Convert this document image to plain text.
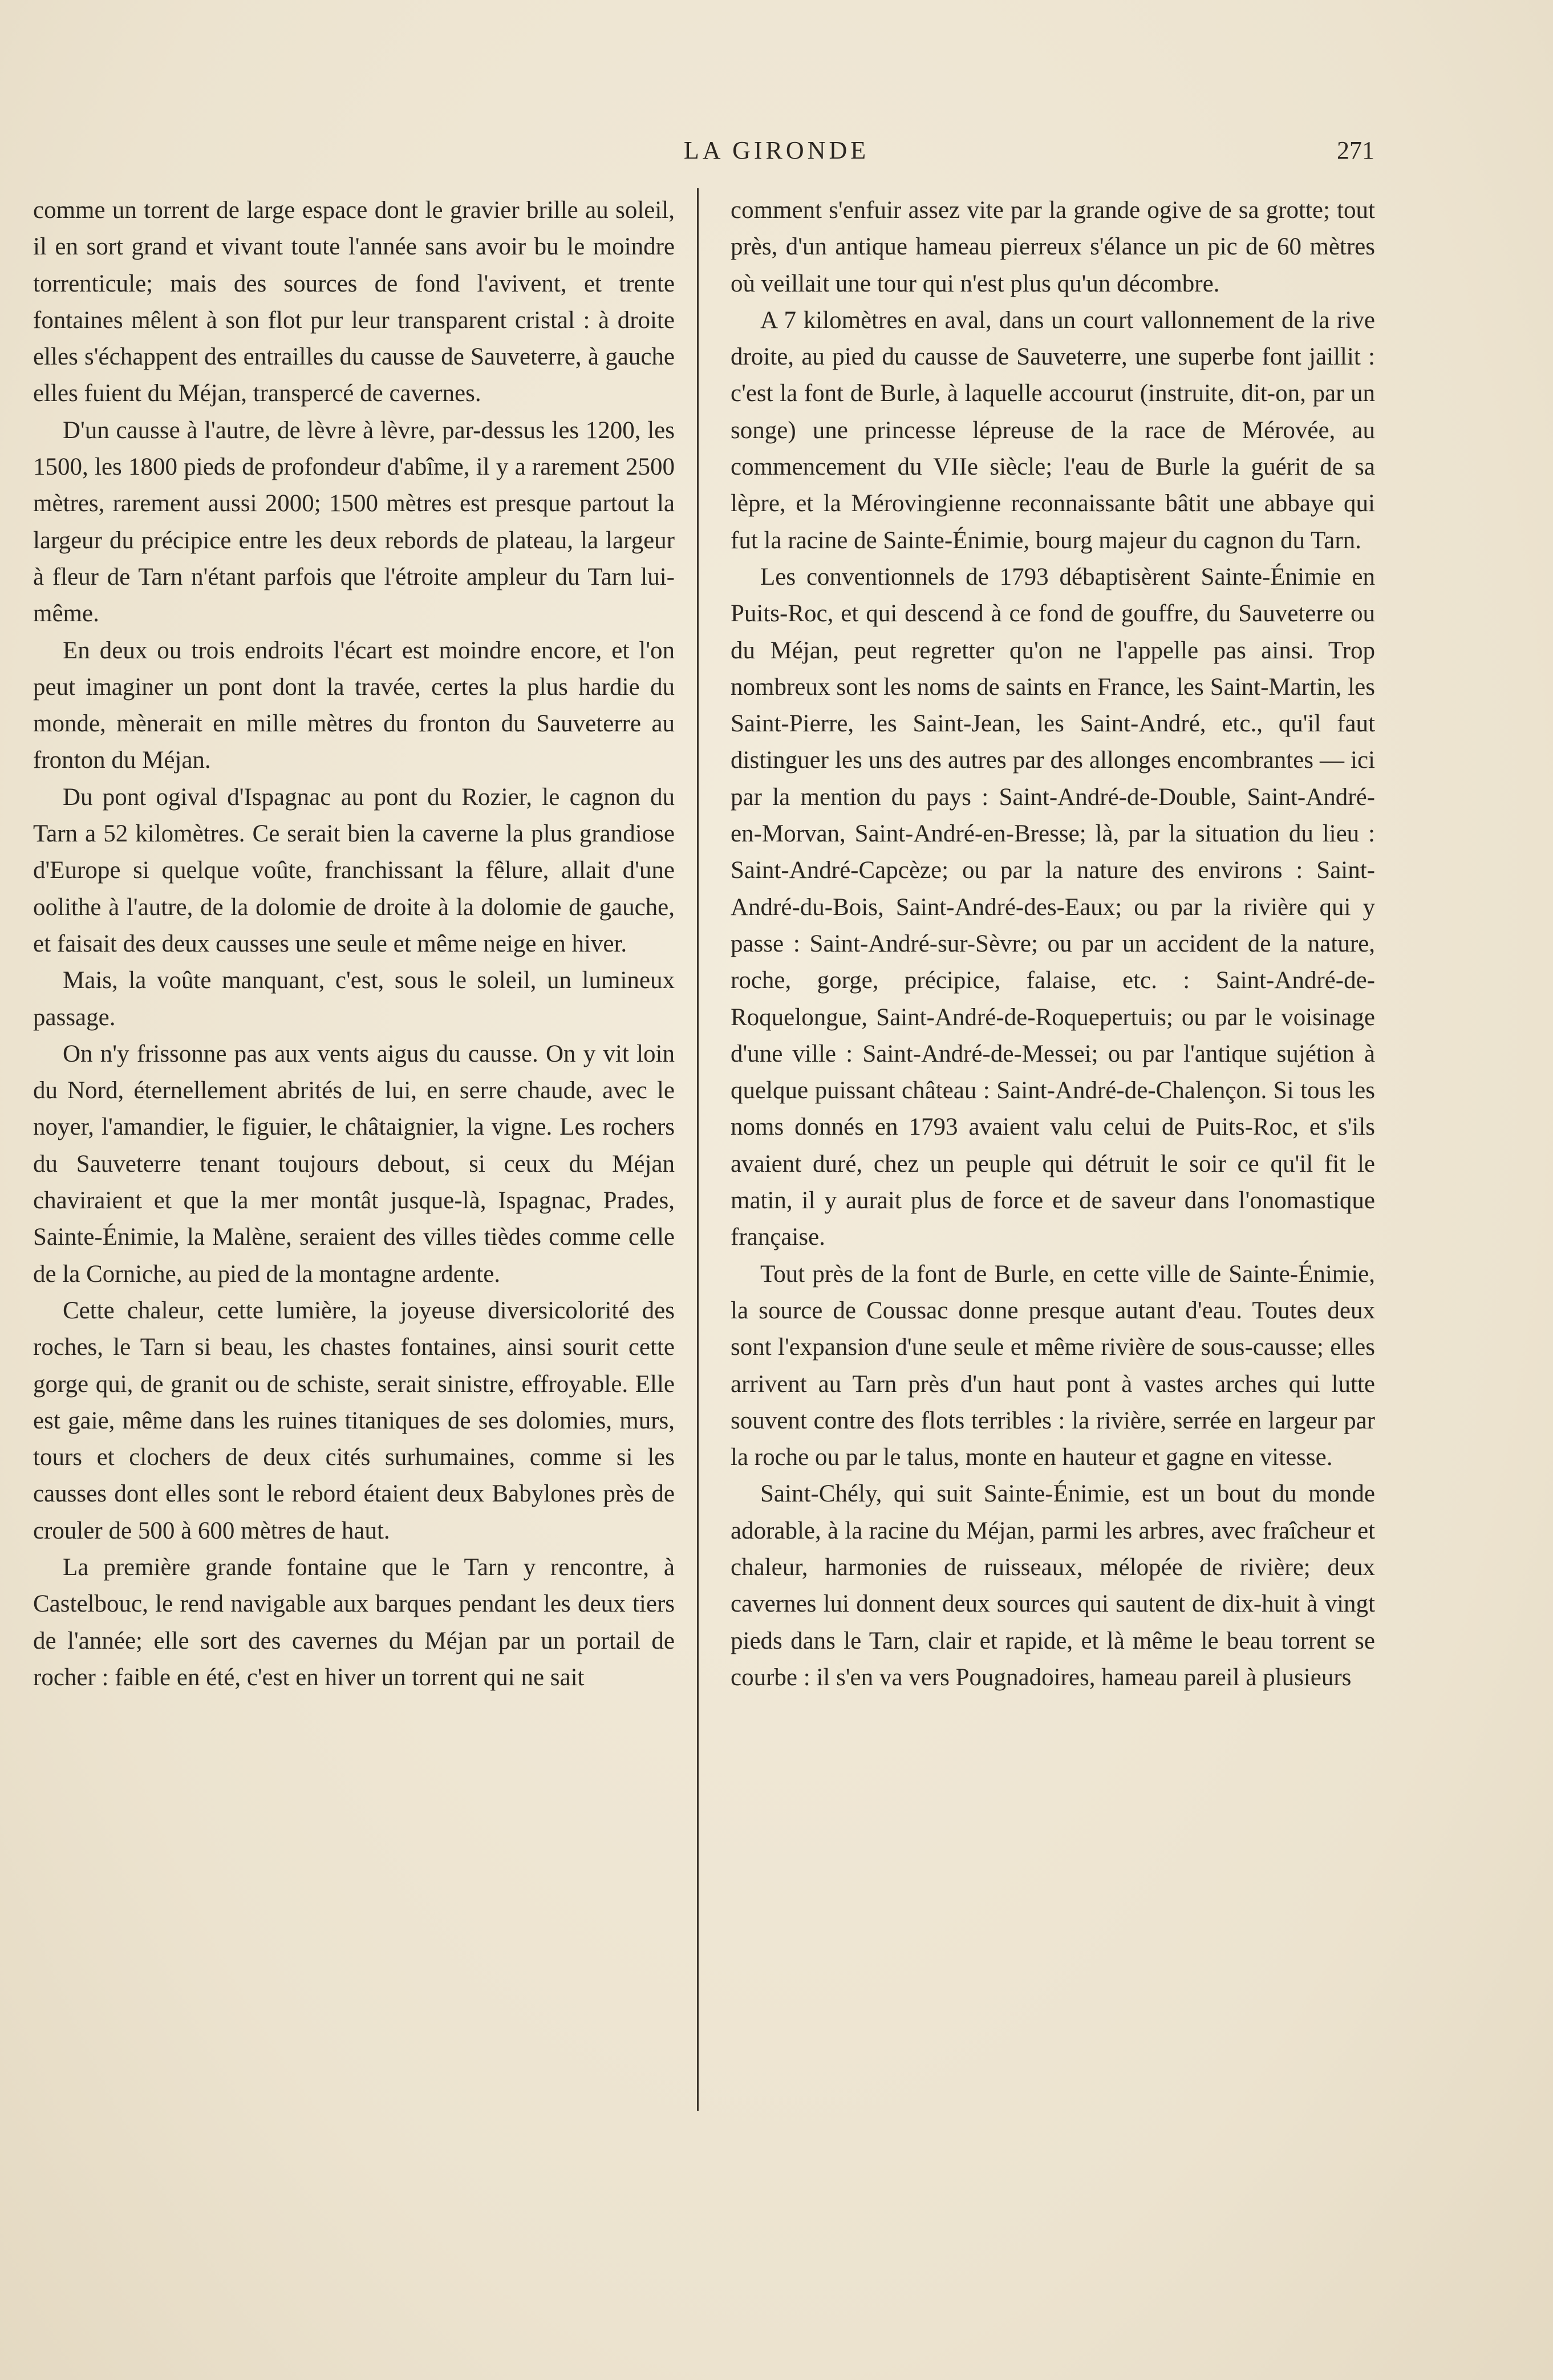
LA GIRONDE	271

comme un torrent de large espace dont le gravier brille au soleil, il en sort grand et vivant toute l'année sans avoir bu le moindre torrenticule; mais des sources de fond l'avivent, et trente fontaines mêlent à son flot pur leur transparent cristal : à droite elles s'échappent des entrailles du causse de Sauveterre, à gauche elles fuient du Méjan, transpercé de cavernes.

D'un causse à l'autre, de lèvre à lèvre, par-dessus les 1200, les 1500, les 1800 pieds de profondeur d'abîme, il y a rarement 2500 mètres, rarement aussi 2000; 1500 mètres est presque partout la largeur du précipice entre les deux rebords de plateau, la largeur à fleur de Tarn n'étant parfois que l'étroite ampleur du Tarn lui-même.

En deux ou trois endroits l'écart est moindre encore, et l'on peut imaginer un pont dont la travée, certes la plus hardie du monde, mènerait en mille mètres du fronton du Sauveterre au fronton du Méjan.

Du pont ogival d'Ispagnac au pont du Rozier, le cagnon du Tarn a 52 kilomètres. Ce serait bien la caverne la plus grandiose d'Europe si quelque voûte, franchissant la fêlure, allait d'une oolithe à l'autre, de la dolomie de droite à la dolomie de gauche, et faisait des deux causses une seule et même neige en hiver.

Mais, la voûte manquant, c'est, sous le soleil, un lumineux passage.

On n'y frissonne pas aux vents aigus du causse. On y vit loin du Nord, éternellement abrités de lui, en serre chaude, avec le noyer, l'amandier, le figuier, le châtaignier, la vigne. Les rochers du Sauveterre tenant toujours debout, si ceux du Méjan chaviraient et que la mer montât jusque-là, Ispagnac, Prades, Sainte-Énimie, la Malène, seraient des villes tièdes comme celle de la Corniche, au pied de la montagne ardente.

Cette chaleur, cette lumière, la joyeuse diversicolorité des roches, le Tarn si beau, les chastes fontaines, ainsi sourit cette gorge qui, de granit ou de schiste, serait sinistre, effroyable. Elle est gaie, même dans les ruines titaniques de ses dolomies, murs, tours et clochers de deux cités surhumaines, comme si les causses dont elles sont le rebord étaient deux Babylones près de crouler de 500 à 600 mètres de haut.

La première grande fontaine que le Tarn y rencontre, à Castelbouc, le rend navigable aux barques pendant les deux tiers de l'année; elle sort des cavernes du Méjan par un portail de rocher : faible en été, c'est en hiver un torrent qui ne sait

comment s'enfuir assez vite par la grande ogive de sa grotte; tout près, d'un antique hameau pierreux s'élance un pic de 60 mètres où veillait une tour qui n'est plus qu'un décombre.

A 7 kilomètres en aval, dans un court vallonnement de la rive droite, au pied du causse de Sauveterre, une superbe font jaillit : c'est la font de Burle, à laquelle accourut (instruite, dit-on, par un songe) une princesse lépreuse de la race de Mérovée, au commencement du VIIe siècle; l'eau de Burle la guérit de sa lèpre, et la Mérovingienne reconnaissante bâtit une abbaye qui fut la racine de Sainte-Énimie, bourg majeur du cagnon du Tarn.

Les conventionnels de 1793 débaptisèrent Sainte-Énimie en Puits-Roc, et qui descend à ce fond de gouffre, du Sauveterre ou du Méjan, peut regretter qu'on ne l'appelle pas ainsi. Trop nombreux sont les noms de saints en France, les Saint-Martin, les Saint-Pierre, les Saint-Jean, les Saint-André, etc., qu'il faut distinguer les uns des autres par des allonges encombrantes — ici par la mention du pays : Saint-André-de-Double, Saint-André-en-Morvan, Saint-André-en-Bresse; là, par la situation du lieu : Saint-André-Capcèze; ou par la nature des environs : Saint-André-du-Bois, Saint-André-des-Eaux; ou par la rivière qui y passe : Saint-André-sur-Sèvre; ou par un accident de la nature, roche, gorge, précipice, falaise, etc. : Saint-André-de-Roquelongue, Saint-André-de-Roquepertuis; ou par le voisinage d'une ville : Saint-André-de-Messei; ou par l'antique sujétion à quelque puissant château : Saint-André-de-Chalençon. Si tous les noms donnés en 1793 avaient valu celui de Puits-Roc, et s'ils avaient duré, chez un peuple qui détruit le soir ce qu'il fit le matin, il y aurait plus de force et de saveur dans l'onomastique française.

Tout près de la font de Burle, en cette ville de Sainte-Énimie, la source de Coussac donne presque autant d'eau. Toutes deux sont l'expansion d'une seule et même rivière de sous-causse; elles arrivent au Tarn près d'un haut pont à vastes arches qui lutte souvent contre des flots terribles : la rivière, serrée en largeur par la roche ou par le talus, monte en hauteur et gagne en vitesse.

Saint-Chély, qui suit Sainte-Énimie, est un bout du monde adorable, à la racine du Méjan, parmi les arbres, avec fraîcheur et chaleur, harmonies de ruisseaux, mélopée de rivière; deux cavernes lui donnent deux sources qui sautent de dix-huit à vingt pieds dans le Tarn, clair et rapide, et là même le beau torrent se courbe : il s'en va vers Pougnadoires, hameau pareil à plusieurs
